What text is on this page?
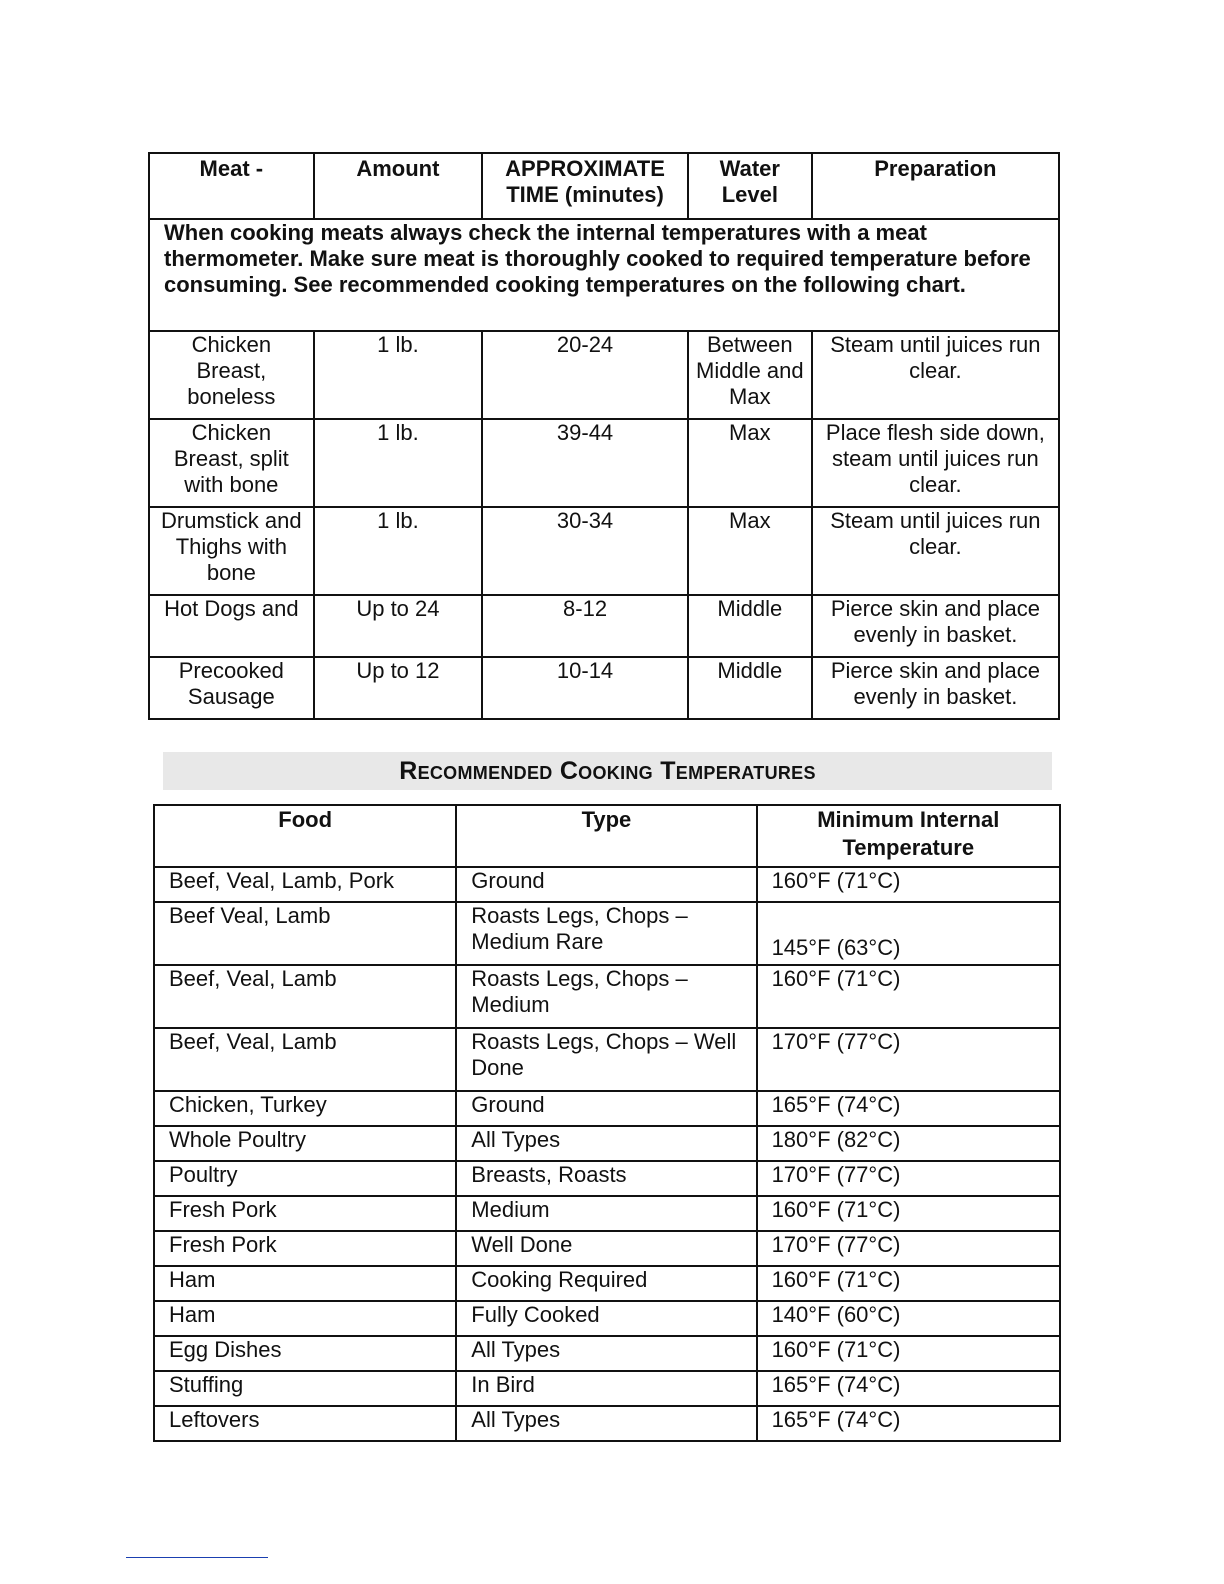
Meat -	Amount	APPROXIMATE TIME (minutes)	Water Level	Preparation
When cooking meats always check the internal temperatures with a meat thermometer. Make sure meat is thoroughly cooked to required temperature before consuming. See recommended cooking temperatures on the following chart.				
Chicken Breast, boneless	1 lb.	20-24	Between Middle and Max	Steam until juices run clear.
Chicken Breast, split with bone	1 lb.	39-44	Max	Place flesh side down, steam until juices run clear.
Drumstick and Thighs with bone	1 lb.	30-34	Max	Steam until juices run clear.
Hot Dogs and	Up to 24	8-12	Middle	Pierce skin and place evenly in basket.
Precooked Sausage	Up to 12	10-14	Middle	Pierce skin and place evenly in basket.
Recommended Cooking Temperatures
Food	Type	Minimum Internal Temperature
Beef, Veal, Lamb, Pork	Ground	160°F (71°C)
Beef Veal, Lamb	Roasts Legs, Chops – Medium Rare	145°F (63°C)
Beef, Veal, Lamb	Roasts Legs, Chops – Medium	160°F (71°C)
Beef, Veal, Lamb	Roasts Legs, Chops – Well Done	170°F (77°C)
Chicken, Turkey	Ground	165°F (74°C)
Whole Poultry	All Types	180°F (82°C)
Poultry	Breasts, Roasts	170°F (77°C)
Fresh Pork	Medium	160°F (71°C)
Fresh Pork	Well Done	170°F (77°C)
Ham	Cooking Required	160°F (71°C)
Ham	Fully Cooked	140°F (60°C)
Egg Dishes	All Types	160°F (71°C)
Stuffing	In Bird	165°F (74°C)
Leftovers	All Types	165°F (74°C)
